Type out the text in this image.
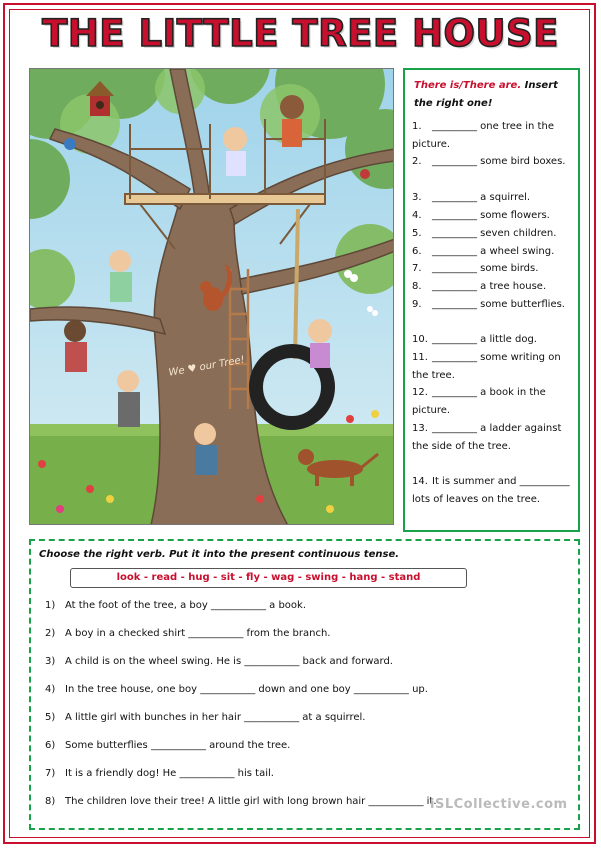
THE LITTLE TREE HOUSE
We ♥ our Tree!
There is/There are. Insert the right one!
1. _________ one tree in the picture.
2. _________ some bird boxes.
3. _________ a squirrel.
4. _________ some flowers.
5. _________ seven children.
6. _________ a wheel swing.
7. _________ some birds.
8. _________ a tree house.
9. _________ some butterflies.
10. _________ a little dog.
11. _________ some writing on the tree.
12. _________ a book in the picture.
13. _________ a ladder against the side of the tree.
14. It is summer and __________ lots of leaves on the tree.
Choose the right verb. Put it into the present continuous tense.
look - read - hug - sit - fly - wag - swing - hang - stand
1) At the foot of the tree, a boy ___________ a book.
2) A boy in a checked shirt ___________ from the branch.
3) A child is on the wheel swing. He is ___________ back and forward.
4) In the tree house, one boy ___________ down and one boy ___________ up.
5) A little girl with bunches in her hair ___________ at a squirrel.
6) Some butterflies ___________ around the tree.
7) It is a friendly dog! He ___________ his tail.
8) The children love their tree! A little girl with long brown hair ___________ it.
iSLCollective.com
